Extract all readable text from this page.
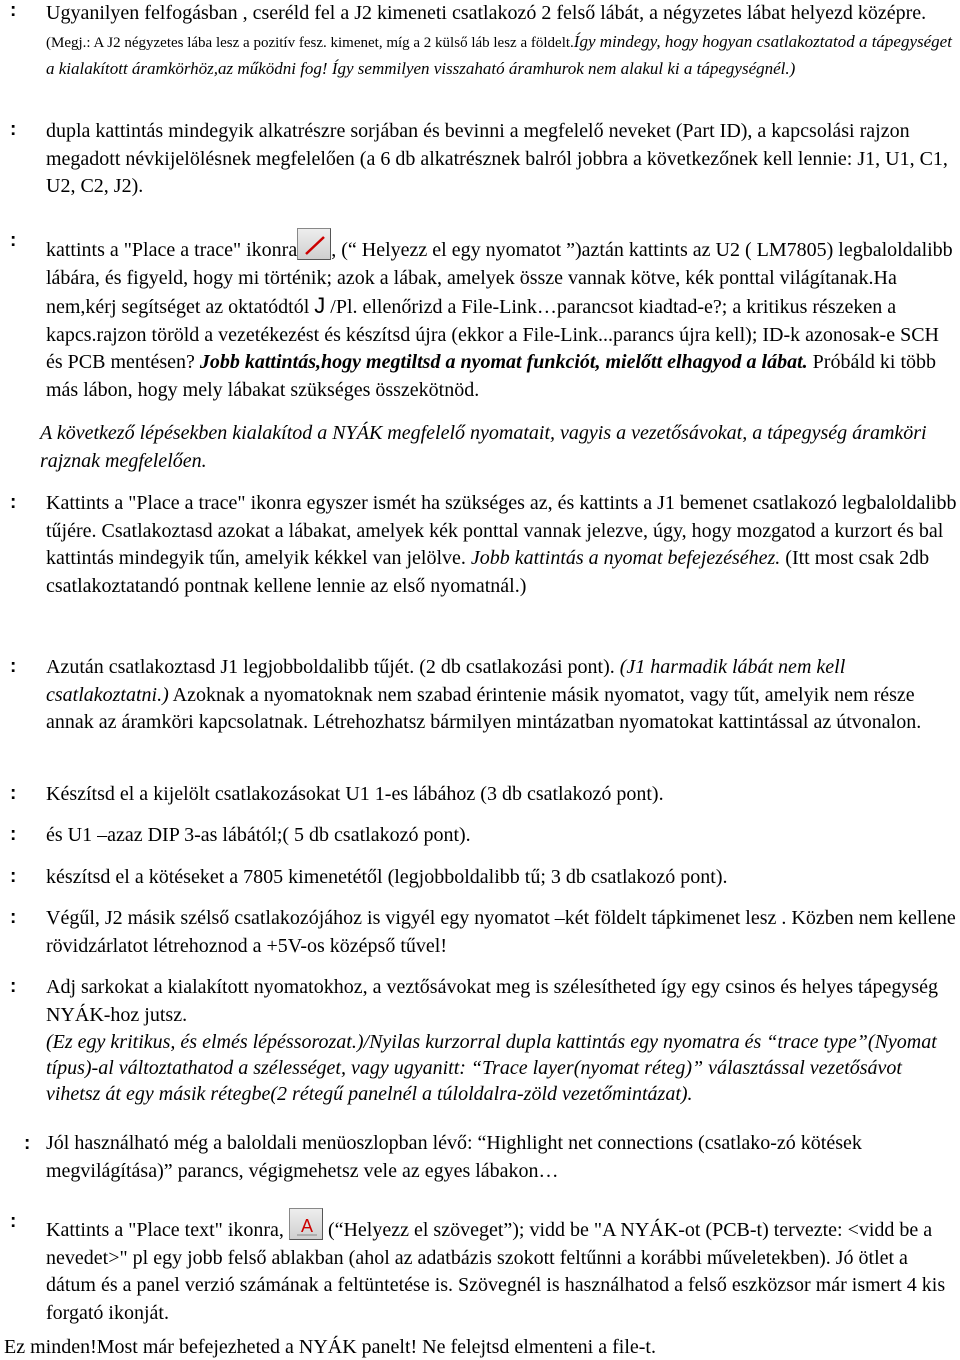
: Ugyanilyen felfogásban , cseréld fel a J2 kimeneti csatlakozó 2 felső lábát, a négyzetes lábat helyezd középre. (Megj.: A J2 négyzetes lába lesz a pozitív fesz. kimenet, míg a 2 külső láb lesz a földelt.Így mindegy, hogy hogyan csatlakoztatod a tápegységet a kialakított áramkörhöz,az működni fog! Így semmilyen visszaható áramhurok nem alakul ki a tápegységnél.)
: dupla kattintás mindegyik alkatrészre sorjában és bevinni a megfelelő neveket (Part ID), a kapcsolási rajzon megadott névkijelölésnek megfelelően (a 6 db alkatrésznek balról jobbra a következőnek kell lennie: J1, U1, C1, U2, C2, J2).
: kattints a "Place a trace" ikonra , (“ Helyezz el egy nyomatot ”)aztán kattints az U2 ( LM7805) legbaloldalibb lábára, és figyeld, hogy mi történik; azok a lábak, amelyek össze vannak kötve, kék ponttal világítanak.Ha nem,kérj segítséget az oktatódtól J /Pl. ellenőrizd a File-Link…parancsot kiadtad-e?; a kritikus részeken a kapcs.rajzon töröld a vezetékezést és készítsd újra (ekkor a File-Link...parancs újra kell); ID-k azonosak-e SCH és PCB mentésen? Jobb kattintás,hogy megtiltsd a nyomat funkciót, mielőtt elhagyod a lábat. Próbáld ki több más lábon, hogy mely lábakat szükséges összekötnöd.
A következő lépésekben kialakítod a NYÁK megfelelő nyomatait, vagyis a vezetősávokat, a tápegység áramköri rajznak megfelelően.
: Kattints a "Place a trace" ikonra egyszer ismét ha szükséges az, és kattints a J1 bemenet csatlakozó legbaloldalibb tűjére. Csatlakoztasd azokat a lábakat, amelyek kék ponttal vannak jelezve, úgy, hogy mozgatod a kurzort és bal kattintás mindegyik tűn, amelyik kékkel van jelölve. Jobb kattintás a nyomat befejezéséhez. (Itt most csak 2db csatlakoztatandó pontnak kellene lennie az első nyomatnál.)
: Azután csatlakoztasd J1 legjobboldalibb tűjét. (2 db csatlakozási pont). (J1 harmadik lábát nem kell csatlakoztatni.) Azoknak a nyomatoknak nem szabad érintenie másik nyomatot, vagy tűt, amelyik nem része annak az áramköri kapcsolatnak. Létrehozhatsz bármilyen mintázatban nyomatokat kattintással az útvonalon.
: Készítsd el a kijelölt csatlakozásokat U1 1-es lábához (3 db csatlakozó pont).
: és U1 –azaz DIP 3-as lábától;( 5 db csatlakozó pont).
: készítsd el a kötéseket a 7805 kimenetétől (legjobboldalibb tű; 3 db csatlakozó pont).
: Végűl, J2 másik szélső csatlakozójához is vigyél egy nyomatot –két földelt tápkimenet lesz . Közben nem kellene rövidzárlatot létrehoznod a +5V-os középső tűvel!
: Adj sarkokat a kialakított nyomatokhoz, a veztősávokat meg is szélesítheted így egy csinos és helyes tápegység NYÁK-hoz jutsz.
(Ez egy kritikus, és elmés lépéssorozat.)/Nyilas kurzorral dupla kattintás egy nyomatra és “trace type”(Nyomat típus)-al változtathatod a szélességet, vagy ugyanitt: “Trace layer(nyomat réteg)” választással vezetősávot vihetsz át egy másik rétegbe(2 rétegű panelnél a túloldalra-zöld vezetőmintázat).
: Jól használható még a baloldali menüoszlopban lévő: “Highlight net connections (csatlako-zó kötések megvilágítása)” parancs, végigmehetsz vele az egyes lábakon…
: Kattints a "Place text" ikonra, A (“Helyezz el szöveget”); vidd be "A NYÁK-ot (PCB-t) tervezte: <vidd be a nevedet>" pl egy jobb felső ablakban (ahol az adatbázis szokott feltűnni a korábbi műveletekben). Jó ötlet a dátum és a panel verzió számának a feltüntetése is. Szövegnél is használhatod a felső eszközsor már ismert 4 kis forgató ikonját.
Ez minden!Most már befejezheted a NYÁK panelt! Ne felejtsd elmenteni a file-t.
